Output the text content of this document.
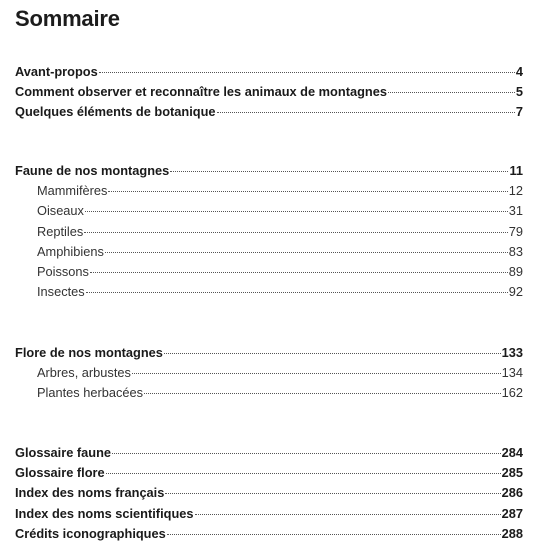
Sommaire
Avant-propos	4
Comment observer et reconnaître les animaux de montagnes	5
Quelques éléments de botanique	7
Faune de nos montagnes	11
Mammifères	12
Oiseaux	31
Reptiles	79
Amphibiens	83
Poissons	89
Insectes	92
Flore de nos montagnes	133
Arbres, arbustes	134
Plantes herbacées	162
Glossaire faune	284
Glossaire flore	285
Index des noms français	286
Index des noms scientifiques	287
Crédits iconographiques	288
